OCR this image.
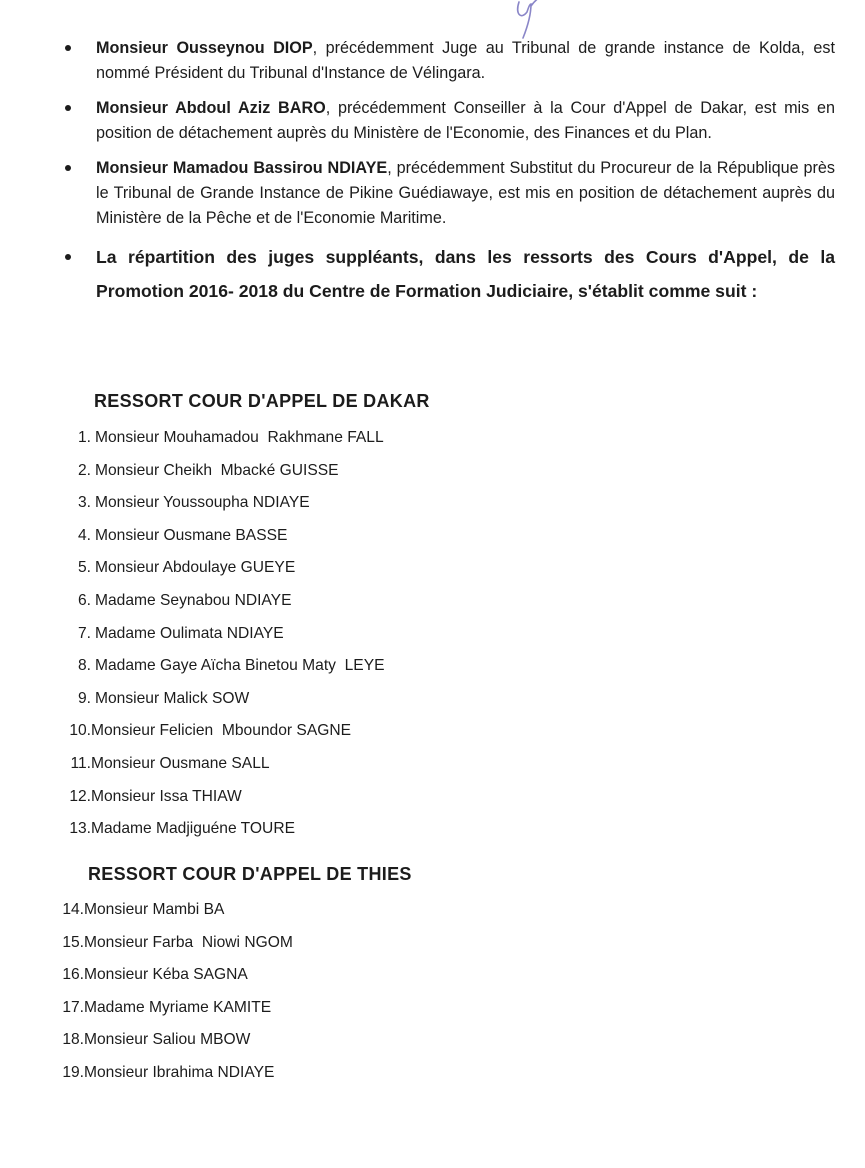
Monsieur Ousseynou DIOP, précédemment Juge au Tribunal de grande instance de Kolda, est nommé Président du Tribunal d'Instance de Vélingara.
Monsieur Abdoul Aziz BARO, précédemment Conseiller à la Cour d'Appel de Dakar, est mis en position de détachement auprès du Ministère de l'Economie, des Finances et du Plan.
Monsieur Mamadou Bassirou NDIAYE, précédemment Substitut du Procureur de la République près le Tribunal de Grande Instance de Pikine Guédiawaye, est mis en position de détachement auprès du Ministère de la Pêche et de l'Economie Maritime.
La répartition des juges suppléants, dans les ressorts des Cours d'Appel, de la Promotion 2016- 2018 du Centre de Formation Judiciaire, s'établit comme suit :
RESSORT COUR D'APPEL DE DAKAR
1. Monsieur Mouhamadou  Rakhmane FALL
2. Monsieur Cheikh  Mbacké GUISSE
3. Monsieur Youssoupha NDIAYE
4. Monsieur Ousmane BASSE
5. Monsieur Abdoulaye GUEYE
6. Madame Seynabou NDIAYE
7. Madame Oulimata NDIAYE
8. Madame Gaye Aïcha Binetou Maty  LEYE
9. Monsieur Malick SOW
10.Monsieur Felicien  Mboundor SAGNE
11.Monsieur Ousmane SALL
12.Monsieur Issa THIAW
13.Madame Madjiguéne TOURE
RESSORT COUR D'APPEL DE THIES
14.Monsieur Mambi BA
15.Monsieur Farba  Niowi NGOM
16.Monsieur Kéba SAGNA
17.Madame Myriame KAMITE
18.Monsieur Saliou MBOW
19.Monsieur Ibrahima NDIAYE
